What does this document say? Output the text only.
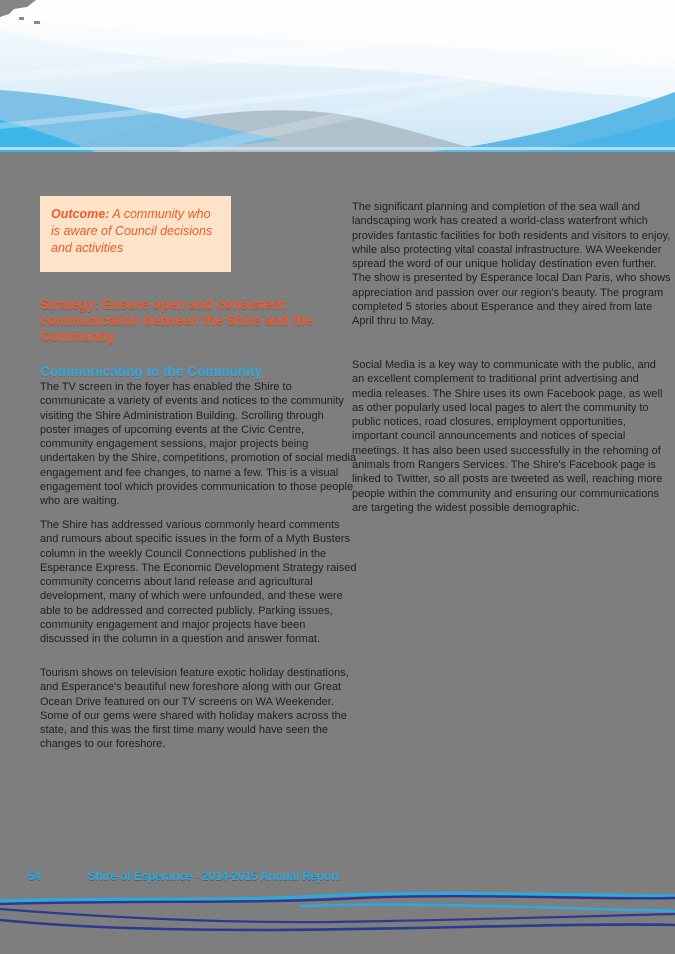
Outcome: A community who is aware of Council decisions and activities
Strategy: Ensure open and consistent communication between the Shire and the Community
Communicating to the Community

The TV screen in the foyer has enabled the Shire to communicate a variety of events and notices to the community visiting the Shire Administration Building. Scrolling through poster images of upcoming events at the Civic Centre, community engagement sessions, major projects being undertaken by the Shire, competitions, promotion of social media engagement and fee changes, to name a few. This is a visual engagement tool which provides communication to those people who are waiting.

The Shire has addressed various commonly heard comments and rumours about specific issues in the form of a Myth Busters column in the weekly Council Connections published in the Esperance Express. The Economic Development Strategy raised community concerns about land release and agricultural development, many of which were unfounded, and these were able to be addressed and corrected publicly. Parking issues, community engagement and major projects have been discussed in the column in a question and answer format.

Tourism shows on television feature exotic holiday destinations, and Esperance's beautiful new foreshore along with our Great Ocean Drive featured on our TV screens on WA Weekender. Some of our gems were shared with holiday makers across the state, and this was the first time many would have seen the changes to our foreshore.

The significant planning and completion of the sea wall and landscaping work has created a world-class waterfront which provides fantastic facilities for both residents and visitors to enjoy, while also protecting vital coastal infrastructure. WA Weekender spread the word of our unique holiday destination even further. The show is presented by Esperance local Dan Paris, who shows appreciation and passion over our region's beauty. The program completed 5 stories about Esperance and they aired from late April thru to May.

Social Media is a key way to communicate with the public, and an excellent complement to traditional print advertising and media releases. The Shire uses its own Facebook page, as well as other popularly used local pages to alert the community to public notices, road closures, employment opportunities, important council announcements and notices of special meetings. It has also been used successfully in the rehoming of animals from Rangers Services. The Shire's Facebook page is linked to Twitter, so all posts are tweeted as well, reaching more people within the community and ensuring our communications are targeting the widest possible demographic.

54	Shire of Esperance - 2014-2015 Annual Report
